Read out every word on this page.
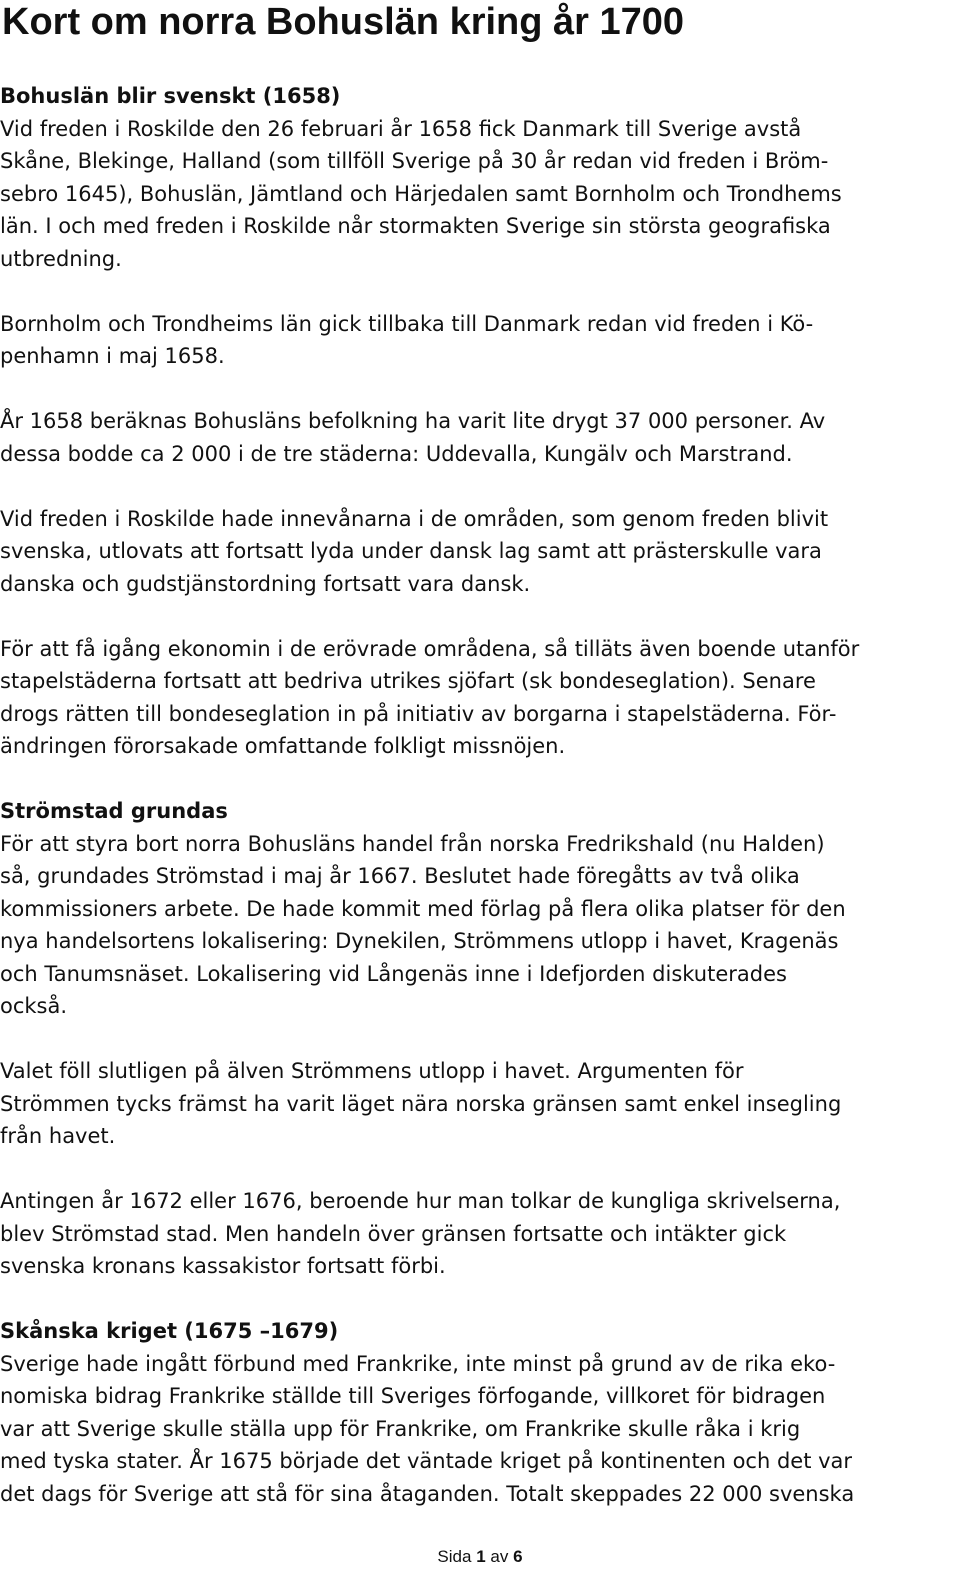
Kort om norra Bohuslän kring år 1700
Bohuslän blir svenskt (1658)
Vid freden i Roskilde den 26 februari år 1658 fick Danmark till Sverige avstå
Skåne, Blekinge, Halland (som tillföll Sverige på 30 år redan vid freden i Bröm-
sebro 1645), Bohuslän, Jämtland och Härjedalen samt Bornholm och Trondhems
län. I och med freden i Roskilde når stormakten Sverige sin största geografiska
utbredning.
Bornholm och Trondheims län gick tillbaka till Danmark redan vid freden i Kö-
penhamn i maj 1658.
År 1658 beräknas Bohusläns befolkning ha varit lite drygt 37 000 personer. Av
dessa bodde ca 2 000 i de tre städerna: Uddevalla, Kungälv och Marstrand.
Vid freden i Roskilde hade innevånarna i de områden, som genom freden blivit
svenska, utlovats att fortsatt lyda under dansk lag samt att prästerskulle vara
danska och gudstjänstordning fortsatt vara dansk.
För att få igång ekonomin i de erövrade områdena, så tilläts även boende utanför
stapelstäderna fortsatt att bedriva utrikes sjöfart (sk bondeseglation). Senare
drogs rätten till bondeseglation in på initiativ av borgarna i stapelstäderna. För-
ändringen förorsakade omfattande folkligt missnöjen.
Strömstad grundas
För att styra bort norra Bohusläns handel från norska Fredrikshald (nu Halden)
så, grundades Strömstad i maj år 1667. Beslutet hade föregåtts av två olika
kommissioners arbete. De hade kommit med förlag på flera olika platser för den
nya handelsortens lokalisering: Dynekilen, Strömmens utlopp i havet, Kragenäs
och Tanumsnäset. Lokalisering vid Långenäs inne i Idefjorden diskuterades
också.
Valet föll slutligen på älven Strömmens utlopp i havet. Argumenten för
Strömmen tycks främst ha varit läget nära norska gränsen samt enkel insegling
från havet.
Antingen år 1672 eller 1676, beroende hur man tolkar de kungliga skrivelserna,
blev Strömstad stad. Men handeln över gränsen fortsatte och intäkter gick
svenska kronans kassakistor fortsatt förbi.
Skånska kriget (1675 –1679)
Sverige hade ingått förbund med Frankrike, inte minst på grund av de rika eko-
nomiska bidrag Frankrike ställde till Sveriges förfogande, villkoret för bidragen
var att Sverige skulle ställa upp för Frankrike, om Frankrike skulle råka i krig
med tyska stater. År 1675 började det väntade kriget på kontinenten och det var
det dags för Sverige att stå för sina åtaganden. Totalt skeppades 22 000 svenska
Sida 1 av 6
